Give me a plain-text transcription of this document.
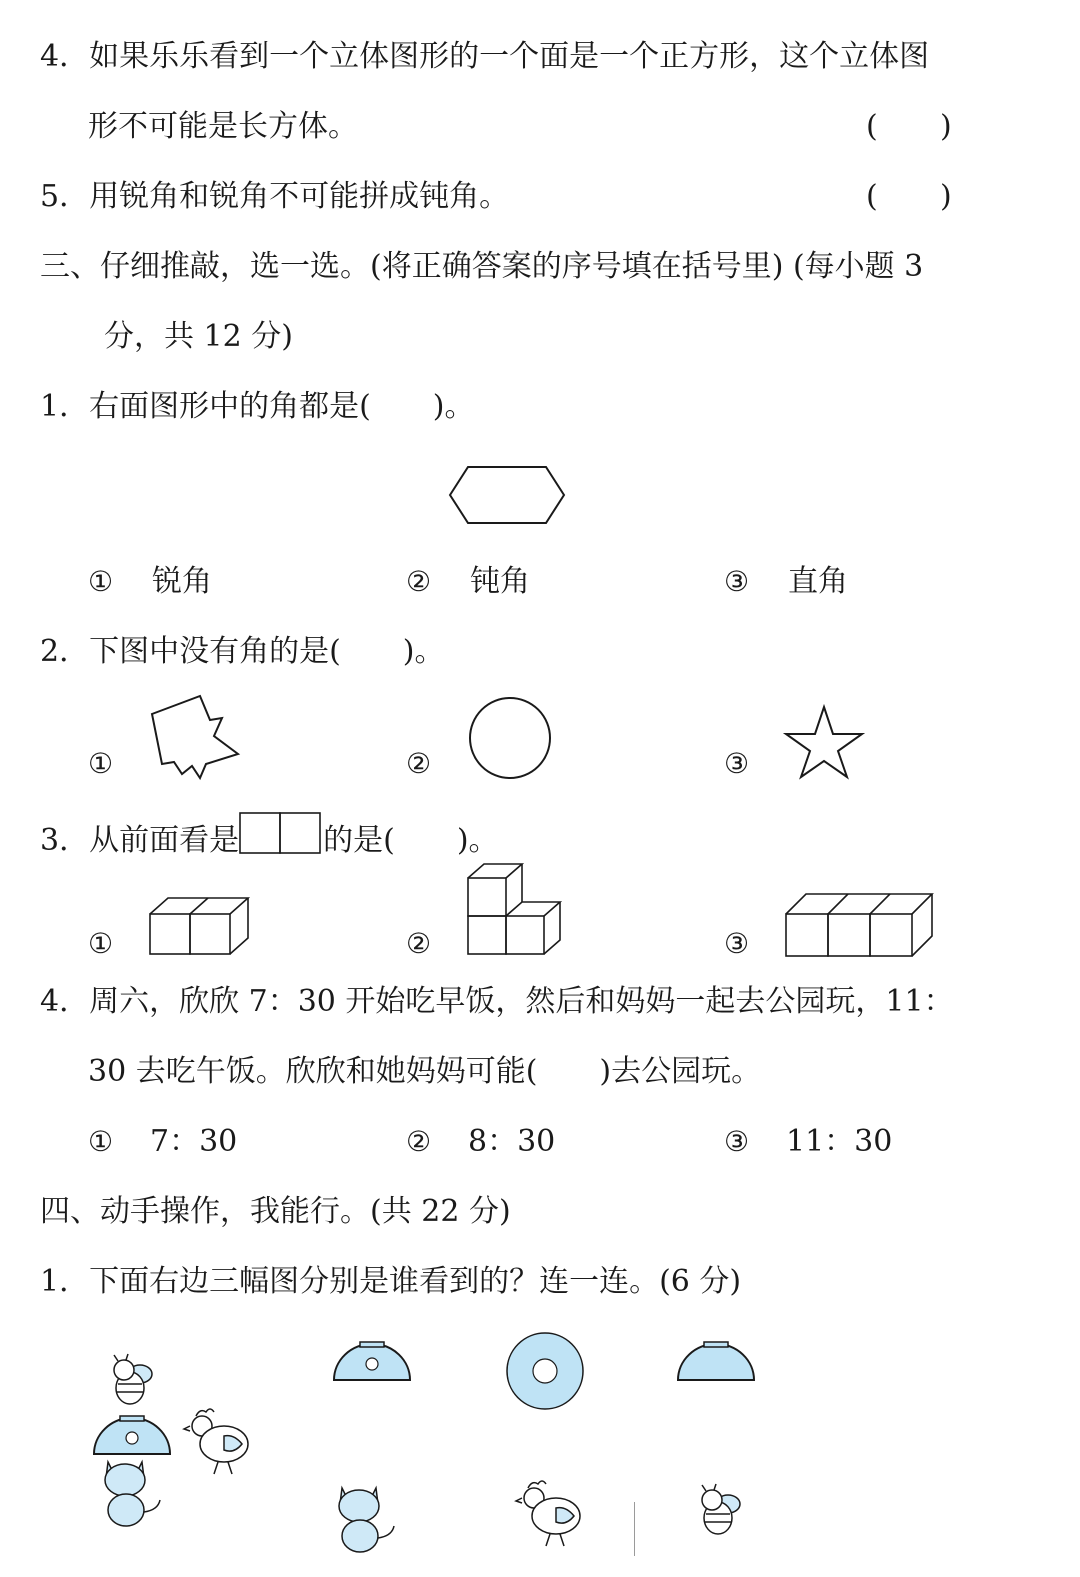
4．如果乐乐看到一个立体图形的一个面是一个正方形，这个立体图
形不可能是长方体。	( )
5．用锐角和锐角不可能拼成钝角。	( )
三、仔细推敲，选一选。(将正确答案的序号填在括号里) (每小题 3
分，共 12 分)
1．右面图形中的角都是( )。
① 锐角	② 钝角	③ 直角
2．下图中没有角的是( )。
①	②	③
3．从前面看是	的是( )。
①	②	③
4．周六，欣欣 7：30 开始吃早饭，然后和妈妈一起去公园玩，11：
30 去吃午饭。欣欣和她妈妈可能( )去公园玩。
① 7：30	② 8：30	③ 11：30
四、动手操作，我能行。(共 22 分)
1．下面右边三幅图分别是谁看到的？连一连。(6 分)
